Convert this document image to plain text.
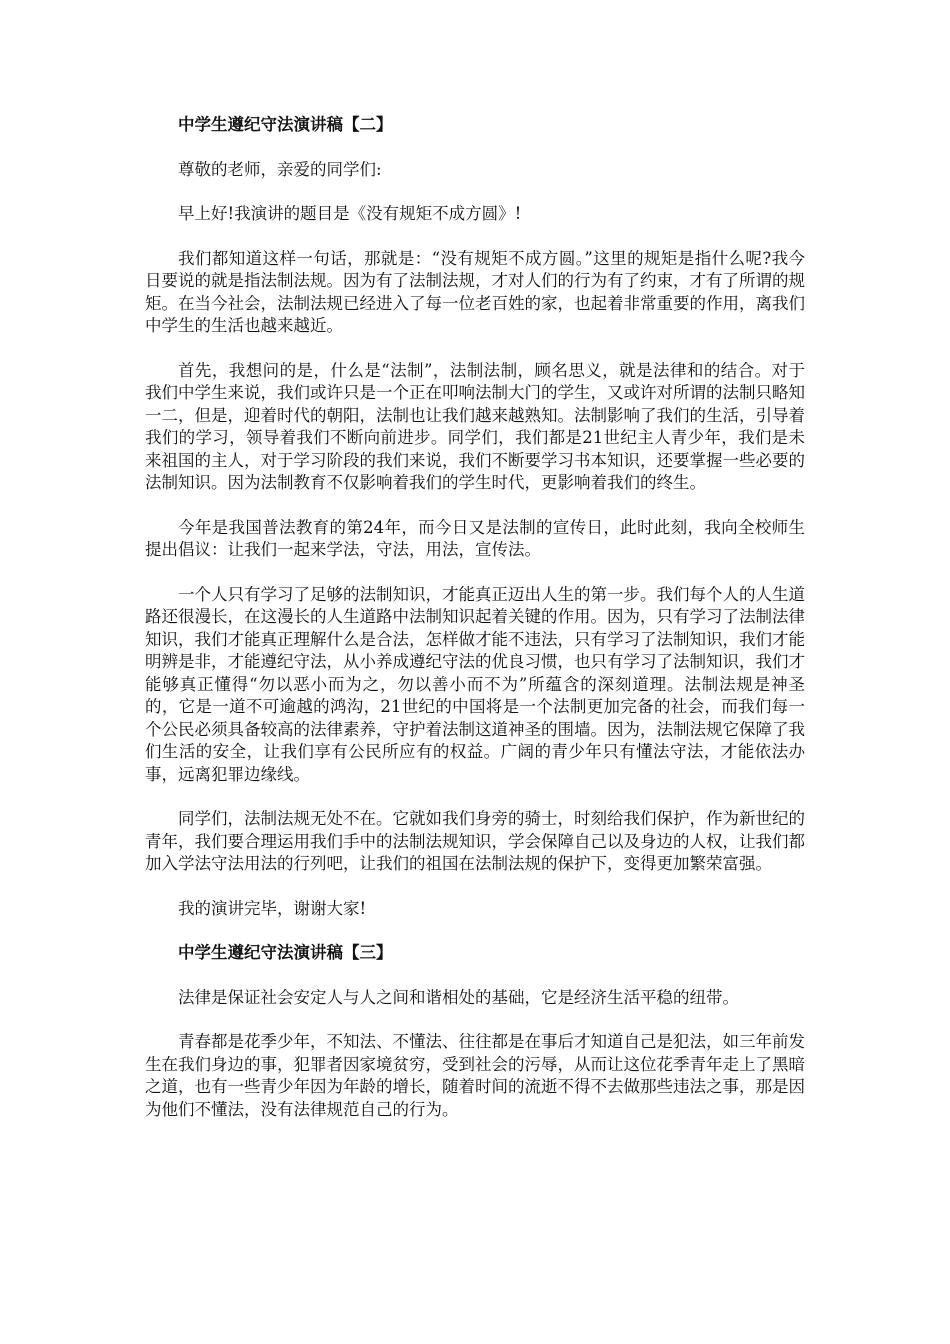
中学生遵纪守法演讲稿【二】

尊敬的老师，亲爱的同学们:

早上好!我演讲的题目是《没有规矩不成方圆》!

我们都知道这样一句话，那就是：“没有规矩不成方圆。”这里的规矩是指什么呢?我今日要说的就是指法制法规。因为有了法制法规，才对人们的行为有了约束，才有了所谓的规矩。在当今社会，法制法规已经进入了每一位老百姓的家，也起着非常重要的作用，离我们中学生的生活也越来越近。

首先，我想问的是，什么是“法制”，法制法制，顾名思义，就是法律和的结合。对于我们中学生来说，我们或许只是一个正在叩响法制大门的学生，又或许对所谓的法制只略知一二，但是，迎着时代的朝阳，法制也让我们越来越熟知。法制影响了我们的生活，引导着我们的学习，领导着我们不断向前进步。同学们，我们都是21世纪主人青少年，我们是未来祖国的主人，对于学习阶段的我们来说，我们不断要学习书本知识，还要掌握一些必要的法制知识。因为法制教育不仅影响着我们的学生时代，更影响着我们的终生。

今年是我国普法教育的第24年，而今日又是法制的宣传日，此时此刻，我向全校师生提出倡议：让我们一起来学法，守法，用法，宣传法。

一个人只有学习了足够的法制知识，才能真正迈出人生的第一步。我们每个人的人生道路还很漫长，在这漫长的人生道路中法制知识起着关键的作用。因为，只有学习了法制法律知识，我们才能真正理解什么是合法，怎样做才能不违法，只有学习了法制知识，我们才能明辨是非，才能遵纪守法，从小养成遵纪守法的优良习惯，也只有学习了法制知识，我们才能够真正懂得“勿以恶小而为之，勿以善小而不为”所蕴含的深刻道理。法制法规是神圣的，它是一道不可逾越的鸿沟，21世纪的中国将是一个法制更加完备的社会，而我们每一个公民必须具备较高的法律素养，守护着法制这道神圣的围墙。因为，法制法规它保障了我们生活的安全，让我们享有公民所应有的权益。广阔的青少年只有懂法守法，才能依法办事，远离犯罪边缘线。

同学们，法制法规无处不在。它就如我们身旁的骑士，时刻给我们保护，作为新世纪的青年，我们要合理运用我们手中的法制法规知识，学会保障自己以及身边的人权，让我们都加入学法守法用法的行列吧，让我们的祖国在法制法规的保护下，变得更加繁荣富强。

我的演讲完毕，谢谢大家!

中学生遵纪守法演讲稿【三】

法律是保证社会安定人与人之间和谐相处的基础，它是经济生活平稳的纽带。

青春都是花季少年，不知法、不懂法、往往都是在事后才知道自己是犯法，如三年前发生在我们身边的事，犯罪者因家境贫穷，受到社会的污辱，从而让这位花季青年走上了黑暗之道，也有一些青少年因为年龄的增长，随着时间的流逝不得不去做那些违法之事，那是因为他们不懂法，没有法律规范自己的行为。
